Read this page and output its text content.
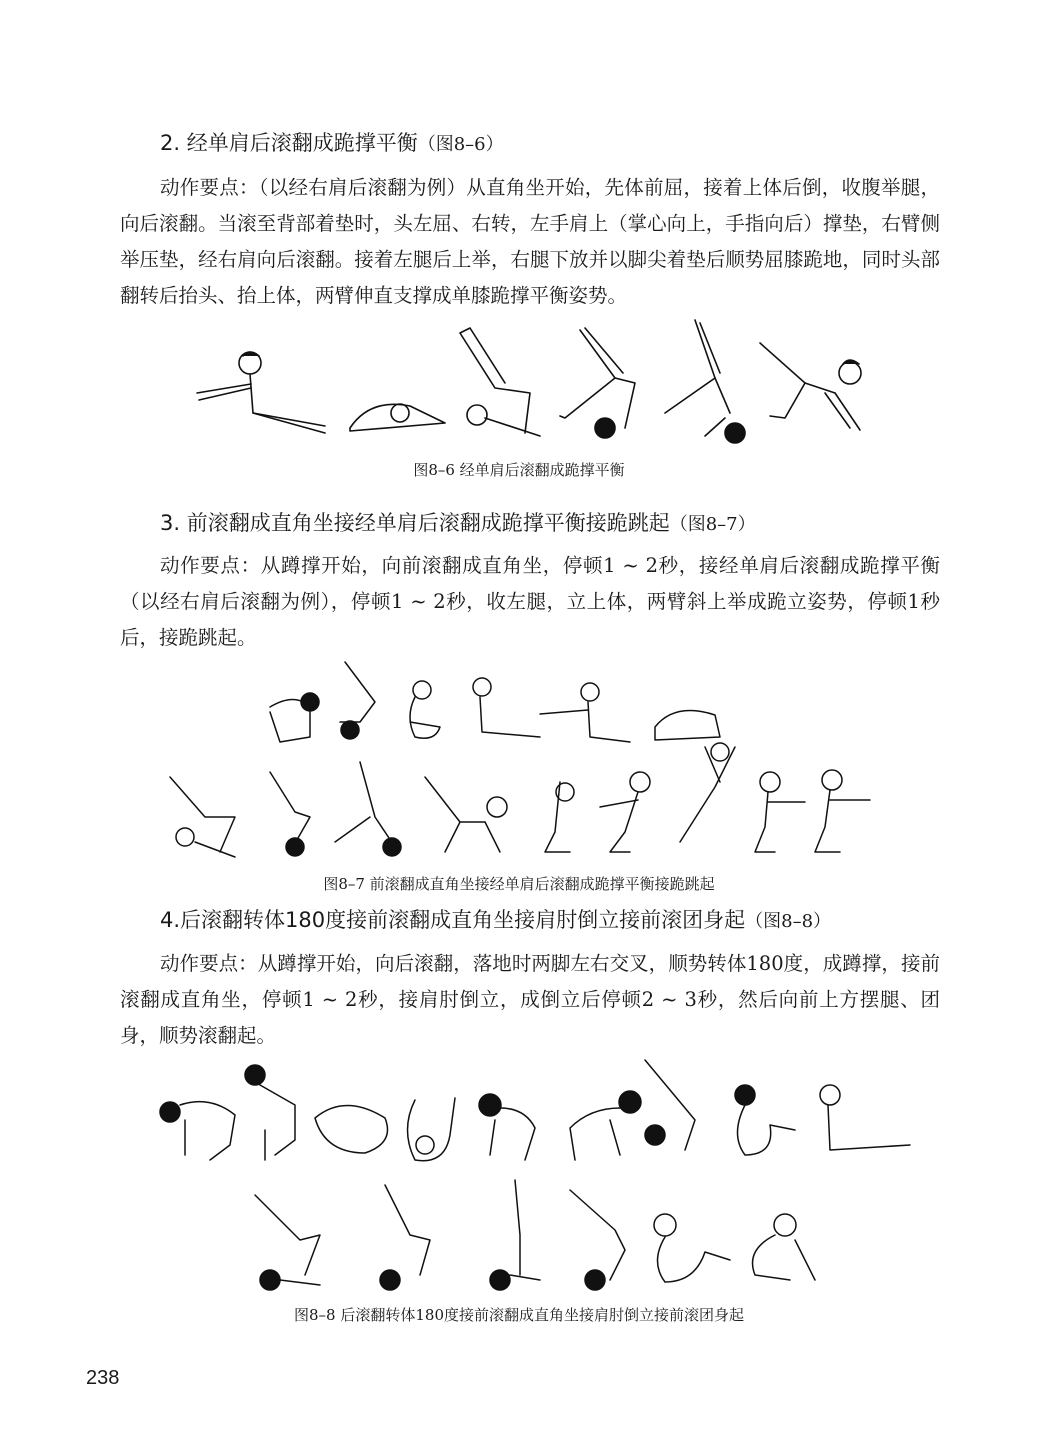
2. 经单肩后滚翻成跪撑平衡（图8–6）
动作要点：（以经右肩后滚翻为例）从直角坐开始，先体前屈，接着上体后倒，收腹举腿，向后滚翻。当滚至背部着垫时，头左屈、右转，左手肩上（掌心向上，手指向后）撑垫，右臂侧举压垫，经右肩向后滚翻。接着左腿后上举，右腿下放并以脚尖着垫后顺势屈膝跪地，同时头部翻转后抬头、抬上体，两臂伸直支撑成单膝跪撑平衡姿势。
图8–6 经单肩后滚翻成跪撑平衡
3. 前滚翻成直角坐接经单肩后滚翻成跪撑平衡接跪跳起（图8–7）
动作要点：从蹲撑开始，向前滚翻成直角坐，停顿1 ~ 2秒，接经单肩后滚翻成跪撑平衡（以经右肩后滚翻为例），停顿1 ~ 2秒，收左腿，立上体，两臂斜上举成跪立姿势，停顿1秒后，接跪跳起。
图8–7 前滚翻成直角坐接经单肩后滚翻成跪撑平衡接跪跳起
4.后滚翻转体180度接前滚翻成直角坐接肩肘倒立接前滚团身起（图8–8）
动作要点：从蹲撑开始，向后滚翻，落地时两脚左右交叉，顺势转体180度，成蹲撑，接前滚翻成直角坐，停顿1 ~ 2秒，接肩肘倒立，成倒立后停顿2 ~ 3秒，然后向前上方摆腿、团身，顺势滚翻起。
图8–8 后滚翻转体180度接前滚翻成直角坐接肩肘倒立接前滚团身起
238
